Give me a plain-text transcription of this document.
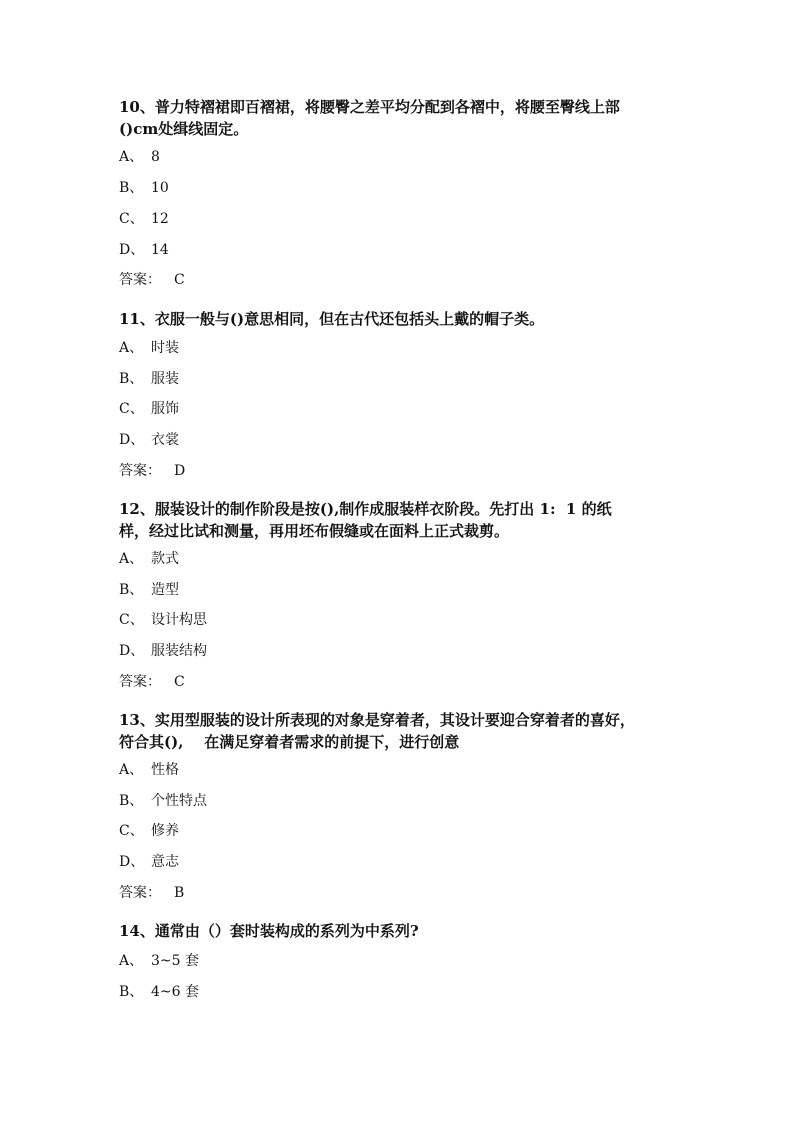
10、普力特褶裙即百褶裙，将腰臀之差平均分配到各褶中，将腰至臀线上部
()cm处缉线固定。
A、 8
B、 10
C、 12
D、 14
答案： C
11、衣服一般与()意思相同，但在古代还包括头上戴的帽子类。
A、 时装
B、 服装
C、 服饰
D、 衣裳
答案： D
12、服装设计的制作阶段是按(),制作成服装样衣阶段。先打出 1:  1 的纸
样，经过比试和测量，再用坯布假缝或在面料上正式裁剪。
A、 款式
B、 造型
C、 设计构思
D、 服装结构
答案： C
13、实用型服装的设计所表现的对象是穿着者，其设计要迎合穿着者的喜好，
符合其(),    在满足穿着者需求的前提下，进行创意
A、 性格
B、 个性特点
C、 修养
D、 意志
答案： B
14、通常由（）套时装构成的系列为中系列?
A、 3~5 套
B、 4~6 套
